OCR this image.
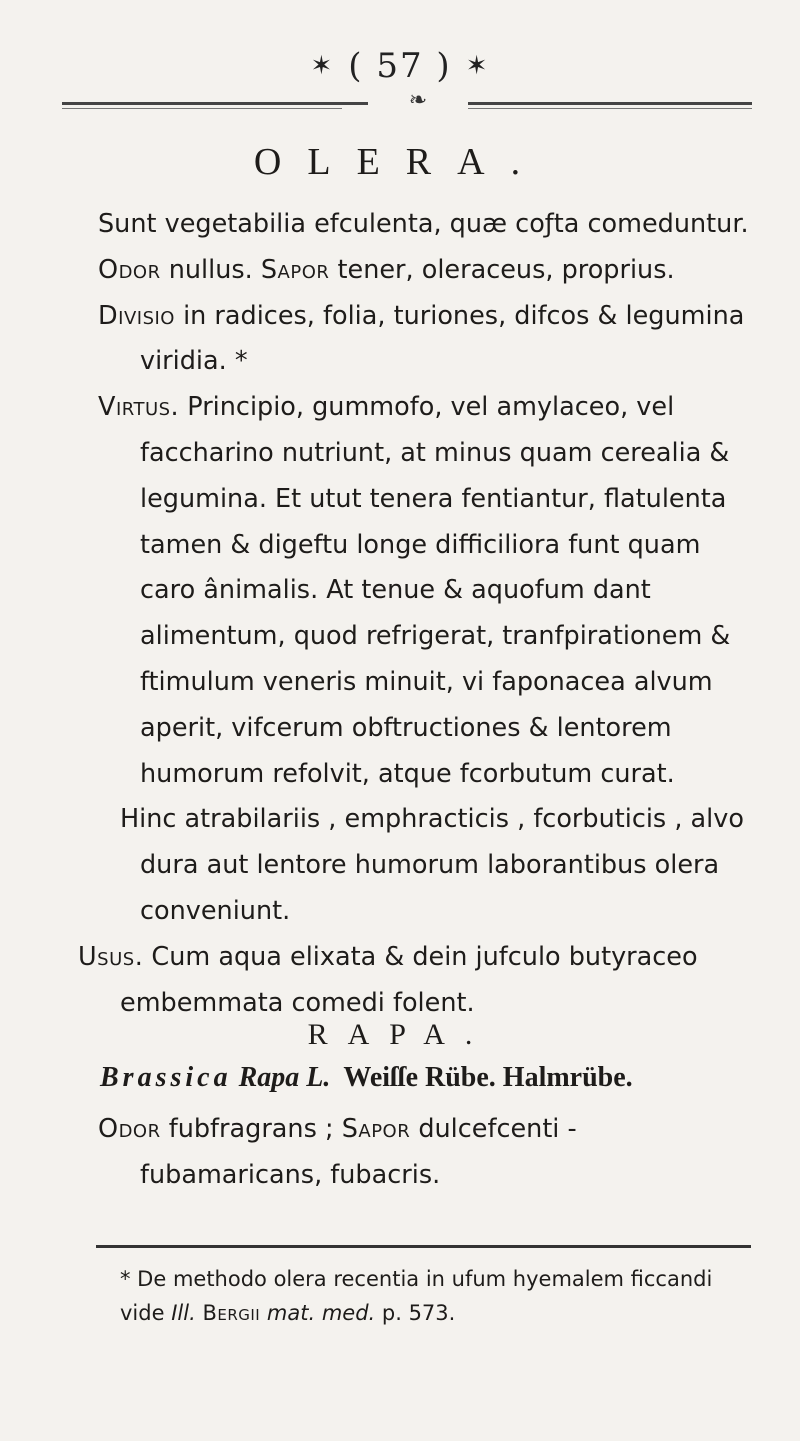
✶ ( 57 ) ✶
❧
OLERA.

Sunt vegetabilia efculenta, quæ coƒta comeduntur.

Odor nullus. Sapor tener, oleraceus, proprius.

Divisio in radices, folia, turiones, difcos & legumina viridia. *

Virtus. Principio, gummofo, vel amylaceo, vel faccharino nutriunt, at minus quam cerealia & legumina. Et utut tenera fentiantur, flatulenta tamen & digeftu longe difficiliora funt quam caro ânimalis. At tenue & aquofum dant alimentum, quod refrigerat, tranfpirationem & ftimulum veneris minuit, vi faponacea alvum aperit, vifcerum obftructiones & lentorem humorum refolvit, atque fcorbutum curat.

Hinc atrabilariis , emphracticis , fcorbuticis , alvo dura aut lentore humorum laborantibus olera conveniunt.

Usus. Cum aqua elixata & dein jufculo butyraceo embemmata comedi folent.

RAPA.
Brassica Rapa L. Weiſſe Rübe. Halmrübe.

Odor fubfragrans ; Sapor dulcefcenti - fubamaricans, fubacris.

* De methodo olera recentia in ufum hyemalem ficcandi vide Ill. Bergii mat. med. p. 573.
